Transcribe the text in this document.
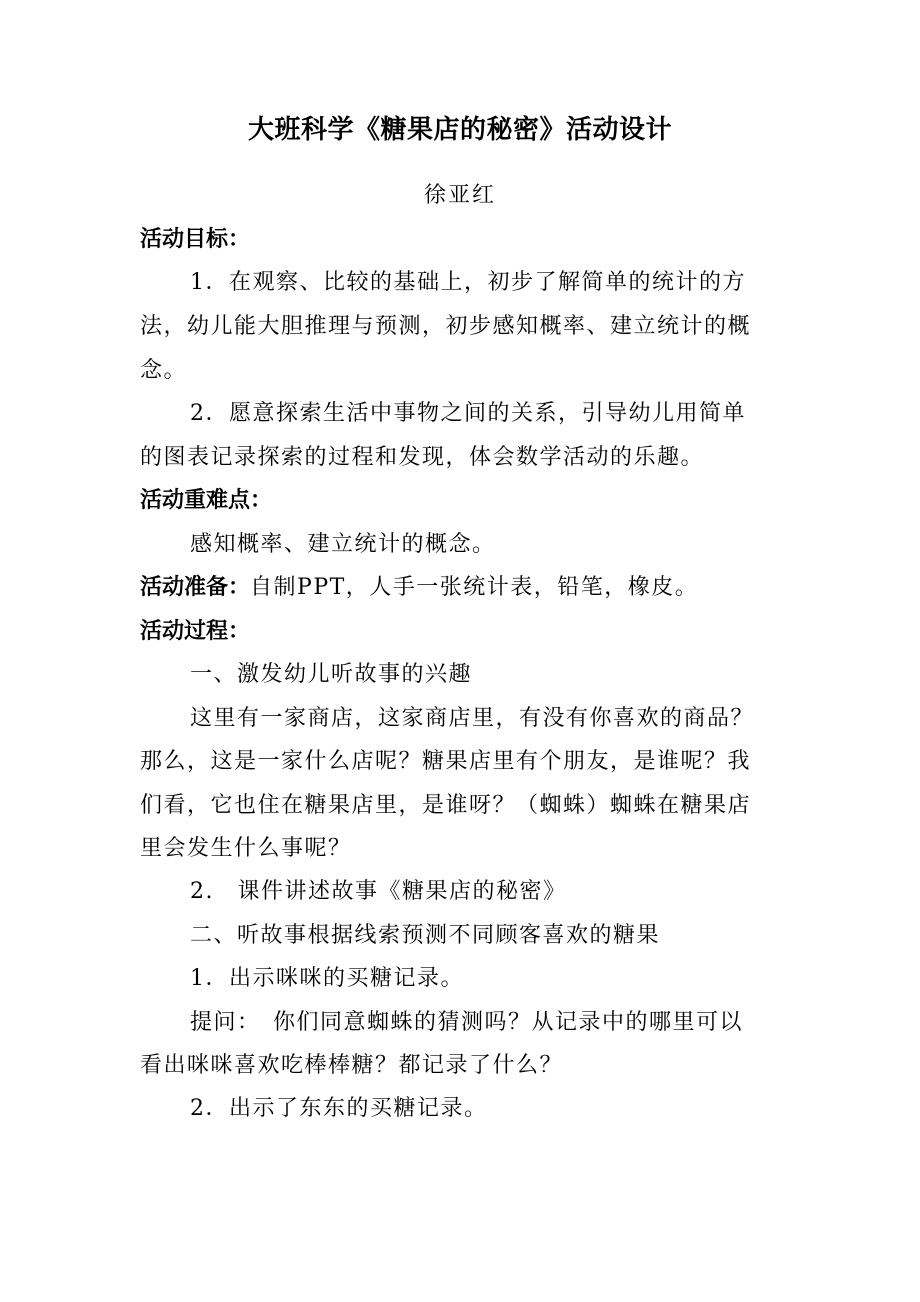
大班科学《糖果店的秘密》活动设计
徐亚红
活动目标：
1．在观察、比较的基础上，初步了解简单的统计的方
法，幼儿能大胆推理与预测，初步感知概率、建立统计的概
念。
2．愿意探索生活中事物之间的关系，引导幼儿用简单
的图表记录探索的过程和发现，体会数学活动的乐趣。
活动重难点：
感知概率、建立统计的概念。
活动准备：自制PPT，人手一张统计表，铅笔，橡皮。
活动过程：
一、激发幼儿听故事的兴趣
这里有一家商店，这家商店里，有没有你喜欢的商品？
那么，这是一家什么店呢？糖果店里有个朋友，是谁呢？我
们看，它也住在糖果店里，是谁呀？（蜘蛛）蜘蛛在糖果店
里会发生什么事呢？
2.　课件讲述故事《糖果店的秘密》
二、听故事根据线索预测不同顾客喜欢的糖果
1．出示咪咪的买糖记录。
提问：　你们同意蜘蛛的猜测吗？从记录中的哪里可以
看出咪咪喜欢吃棒棒糖？都记录了什么？
2．出示了东东的买糖记录。
